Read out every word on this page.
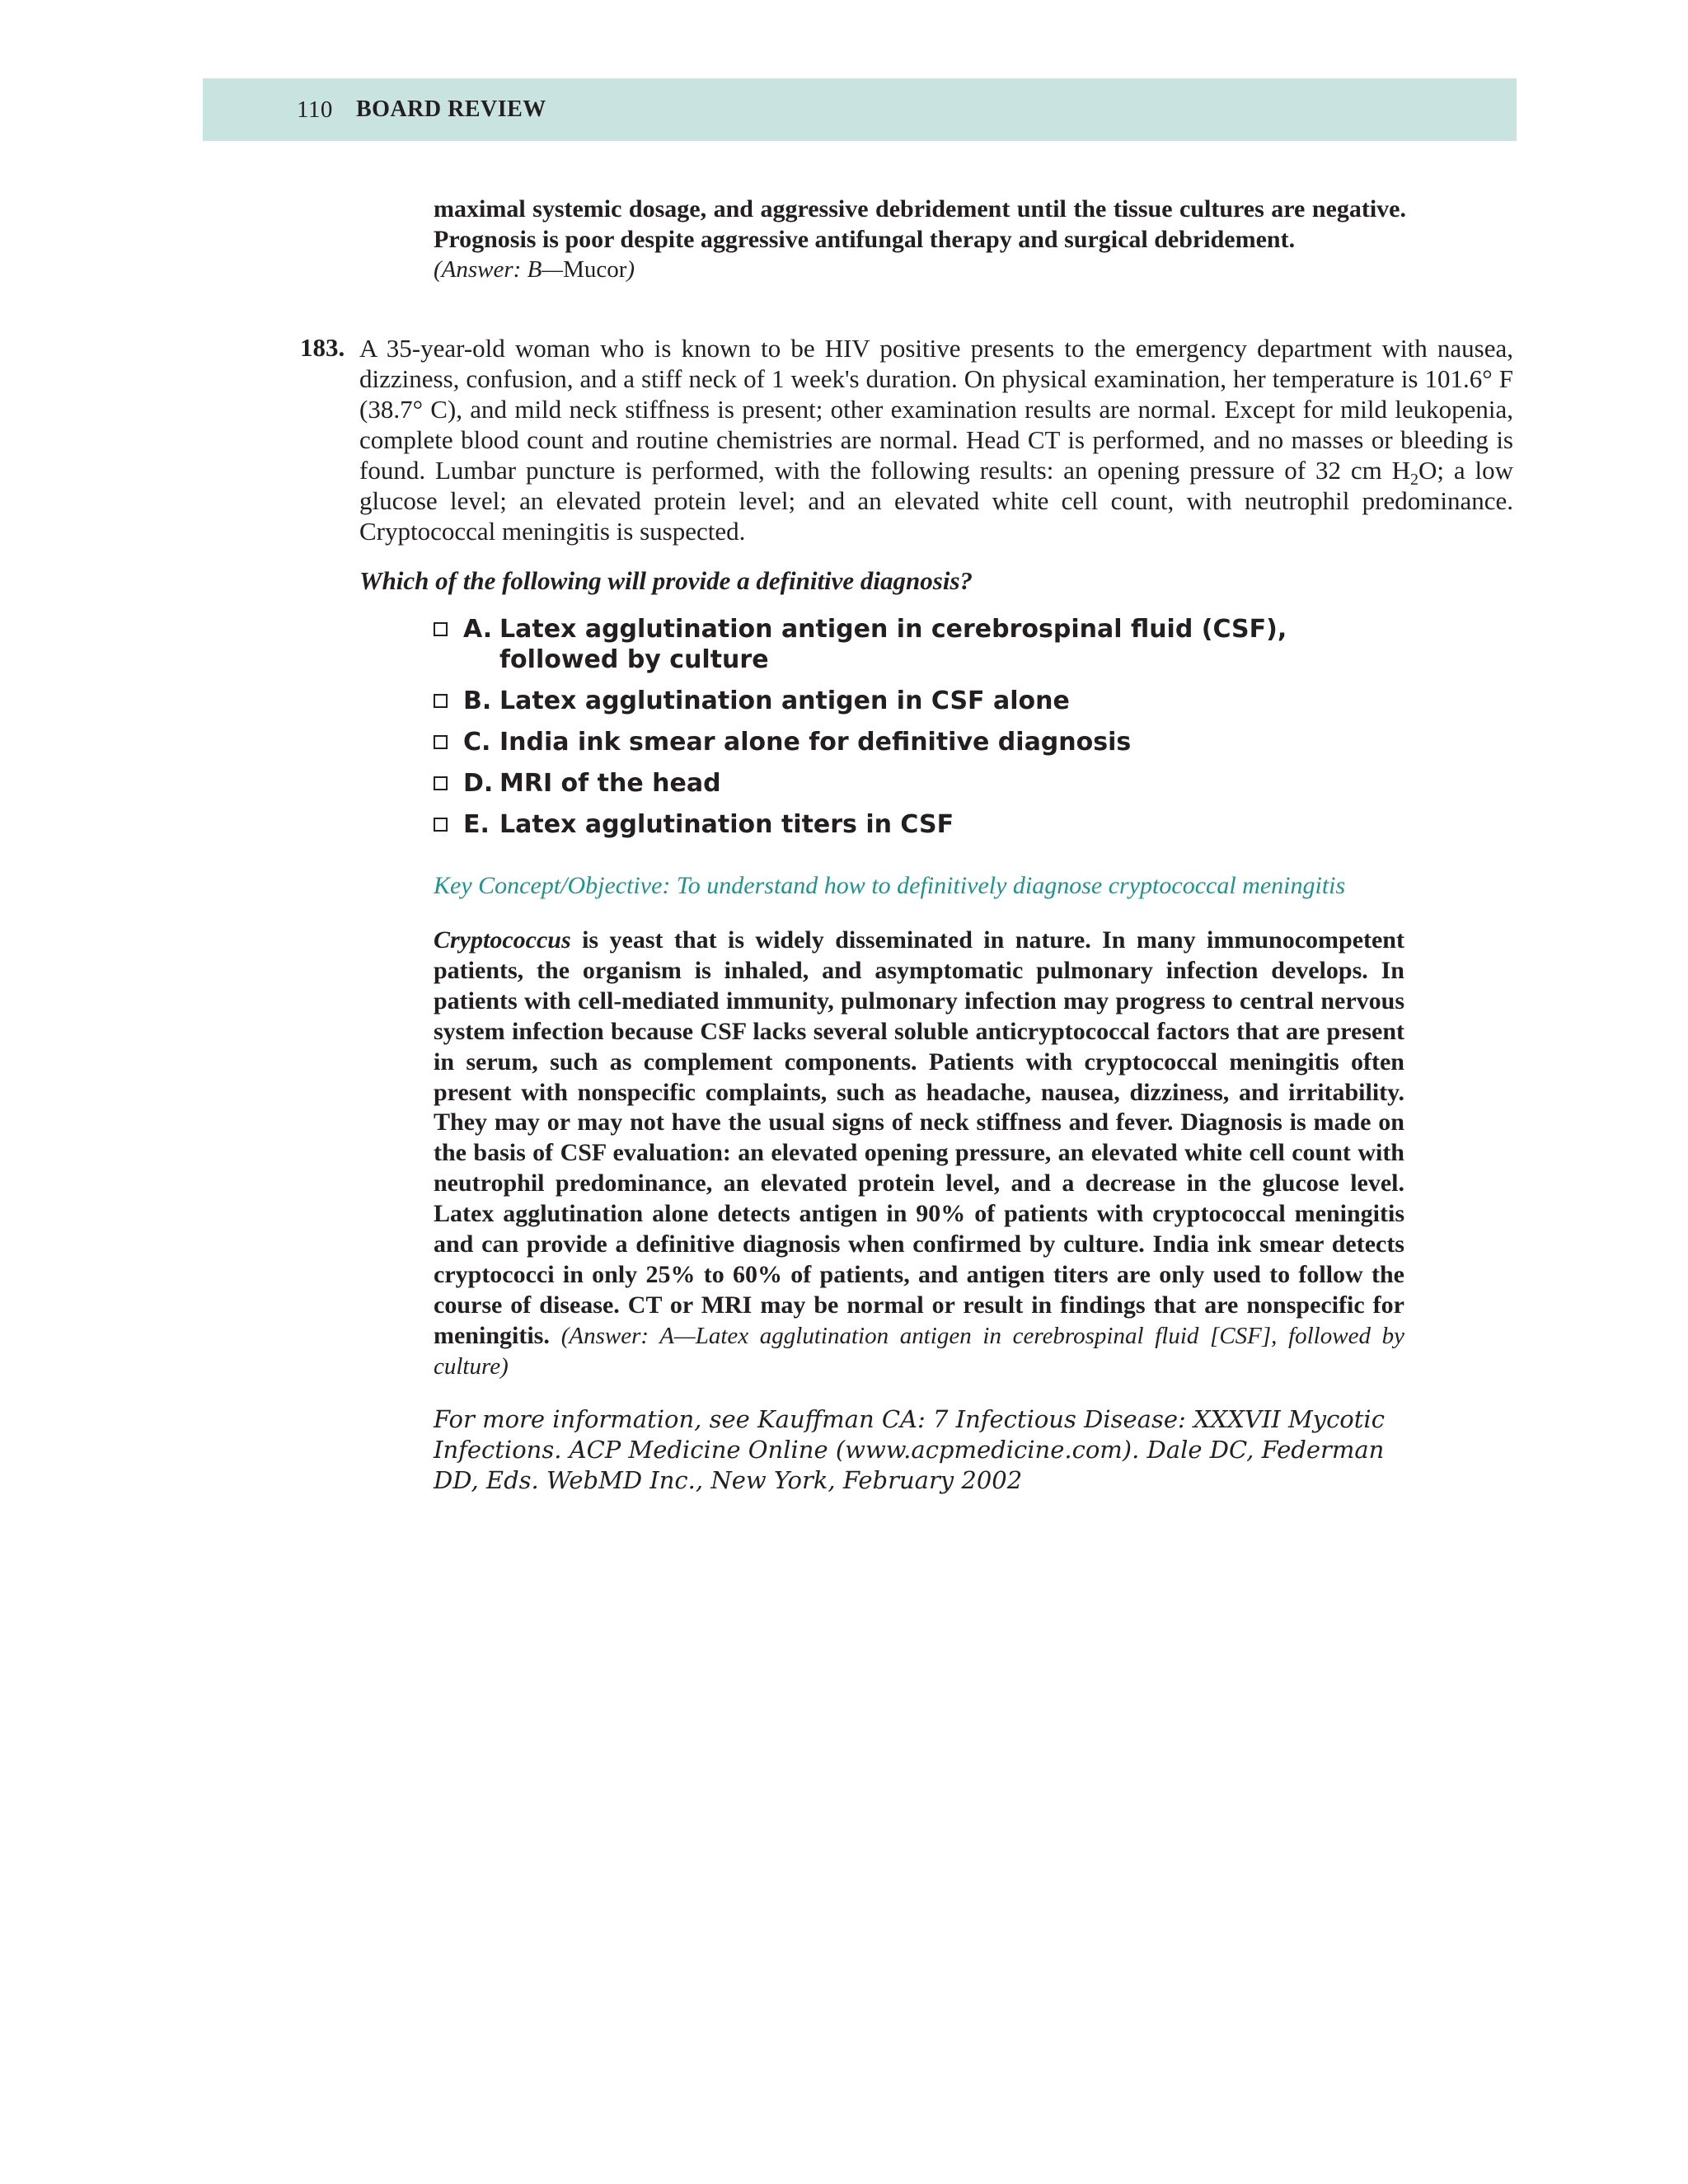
110 BOARD REVIEW
maximal systemic dosage, and aggressive debridement until the tissue cultures are negative. Prognosis is poor despite aggressive antifungal therapy and surgical debridement.
(Answer: B—Mucor)
183. A 35-year-old woman who is known to be HIV positive presents to the emergency department with nausea, dizziness, confusion, and a stiff neck of 1 week's duration. On physical examination, her temperature is 101.6° F (38.7° C), and mild neck stiffness is present; other examination results are normal. Except for mild leukopenia, complete blood count and routine chemistries are normal. Head CT is performed, and no masses or bleeding is found. Lumbar puncture is performed, with the following results: an opening pressure of 32 cm $H_2O$; a low glucose level; an elevated protein level; and an elevated white cell count, with neutrophil predominance. Cryptococcal meningitis is suspected.
Which of the following will provide a definitive diagnosis?
A. Latex agglutination antigen in cerebrospinal fluid (CSF), followed by culture
B. Latex agglutination antigen in CSF alone
C. India ink smear alone for definitive diagnosis
D. MRI of the head
E. Latex agglutination titers in CSF
Key Concept/Objective: To understand how to definitively diagnose cryptococcal meningitis
Cryptococcus is yeast that is widely disseminated in nature. In many immunocompetent patients, the organism is inhaled, and asymptomatic pulmonary infection develops. In patients with cell-mediated immunity, pulmonary infection may progress to central nervous system infection because CSF lacks several soluble anticryptococcal factors that are present in serum, such as complement components. Patients with cryptococcal meningitis often present with nonspecific complaints, such as headache, nausea, dizziness, and irritability. They may or may not have the usual signs of neck stiffness and fever. Diagnosis is made on the basis of CSF evaluation: an elevated opening pressure, an elevated white cell count with neutrophil predominance, an elevated protein level, and a decrease in the glucose level. Latex agglutination alone detects antigen in 90% of patients with cryptococcal meningitis and can provide a definitive diagnosis when confirmed by culture. India ink smear detects cryptococci in only 25% to 60% of patients, and antigen titers are only used to follow the course of disease. CT or MRI may be normal or result in findings that are nonspecific for meningitis. (Answer: A—Latex agglutination antigen in cerebrospinal fluid [CSF], followed by culture)
For more information, see Kauffman CA: 7 Infectious Disease: XXXVII Mycotic Infections. ACP Medicine Online (www.acpmedicine.com). Dale DC, Federman DD, Eds. WebMD Inc., New York, February 2002
